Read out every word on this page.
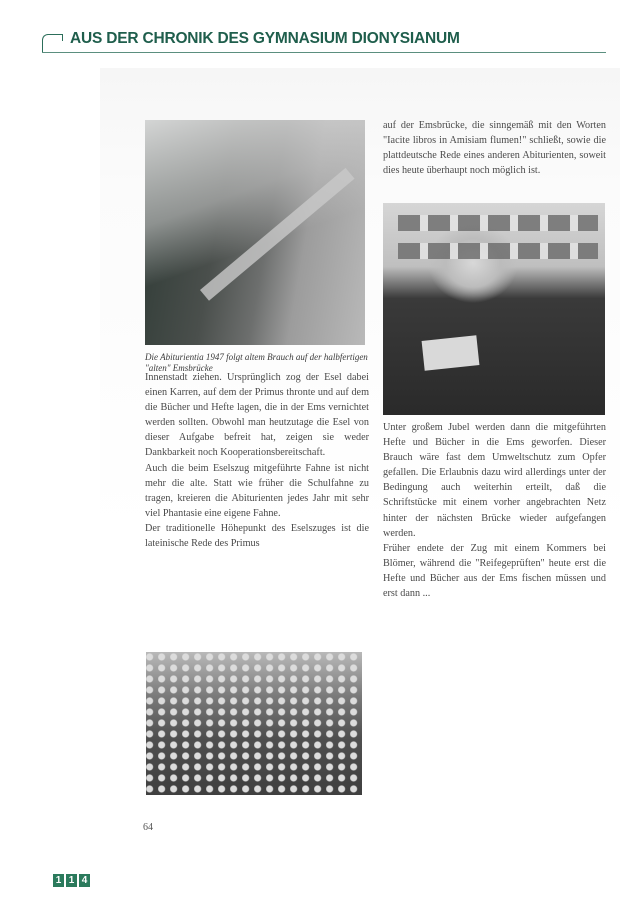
AUS DER CHRONIK DES GYMNASIUM DIONYSIANUM
Die Abiturientia 1947 folgt altem Brauch auf der halbfertigen "alten" Emsbrücke

Innenstadt ziehen. Ursprünglich zog der Esel dabei einen Karren, auf dem der Primus thronte und auf dem die Bücher und Hefte lagen, die in der Ems vernichtet werden sollten. Obwohl man heutzutage die Esel von dieser Aufgabe befreit hat, zeigen sie weder Dankbarkeit noch Kooperationsbereitschaft.

Auch die beim Eselszug mitgeführte Fahne ist nicht mehr die alte. Statt wie früher die Schulfahne zu tragen, kreieren die Abiturienten jedes Jahr mit sehr viel Phantasie eine eigene Fahne.

Der traditionelle Höhepunkt des Eselszuges ist die lateinische Rede des Primus

auf der Emsbrücke, die sinngemäß mit den Worten "Iacite libros in Amisiam flumen!" schließt, sowie die plattdeutsche Rede eines anderen Abiturienten, soweit dies heute überhaupt noch möglich ist.

Unter großem Jubel werden dann die mitgeführten Hefte und Bücher in die Ems geworfen. Dieser Brauch wäre fast dem Umweltschutz zum Opfer gefallen. Die Erlaubnis dazu wird allerdings unter der Bedingung auch weiterhin erteilt, daß die Schriftstücke mit einem vorher angebrachten Netz hinter der nächsten Brücke wieder aufgefangen werden.

Früher endete der Zug mit einem Kommers bei Blömer, während die "Reifegeprüften" heute erst die Hefte und Bücher aus der Ems fischen müssen und erst dann ...

64
1 1 4
